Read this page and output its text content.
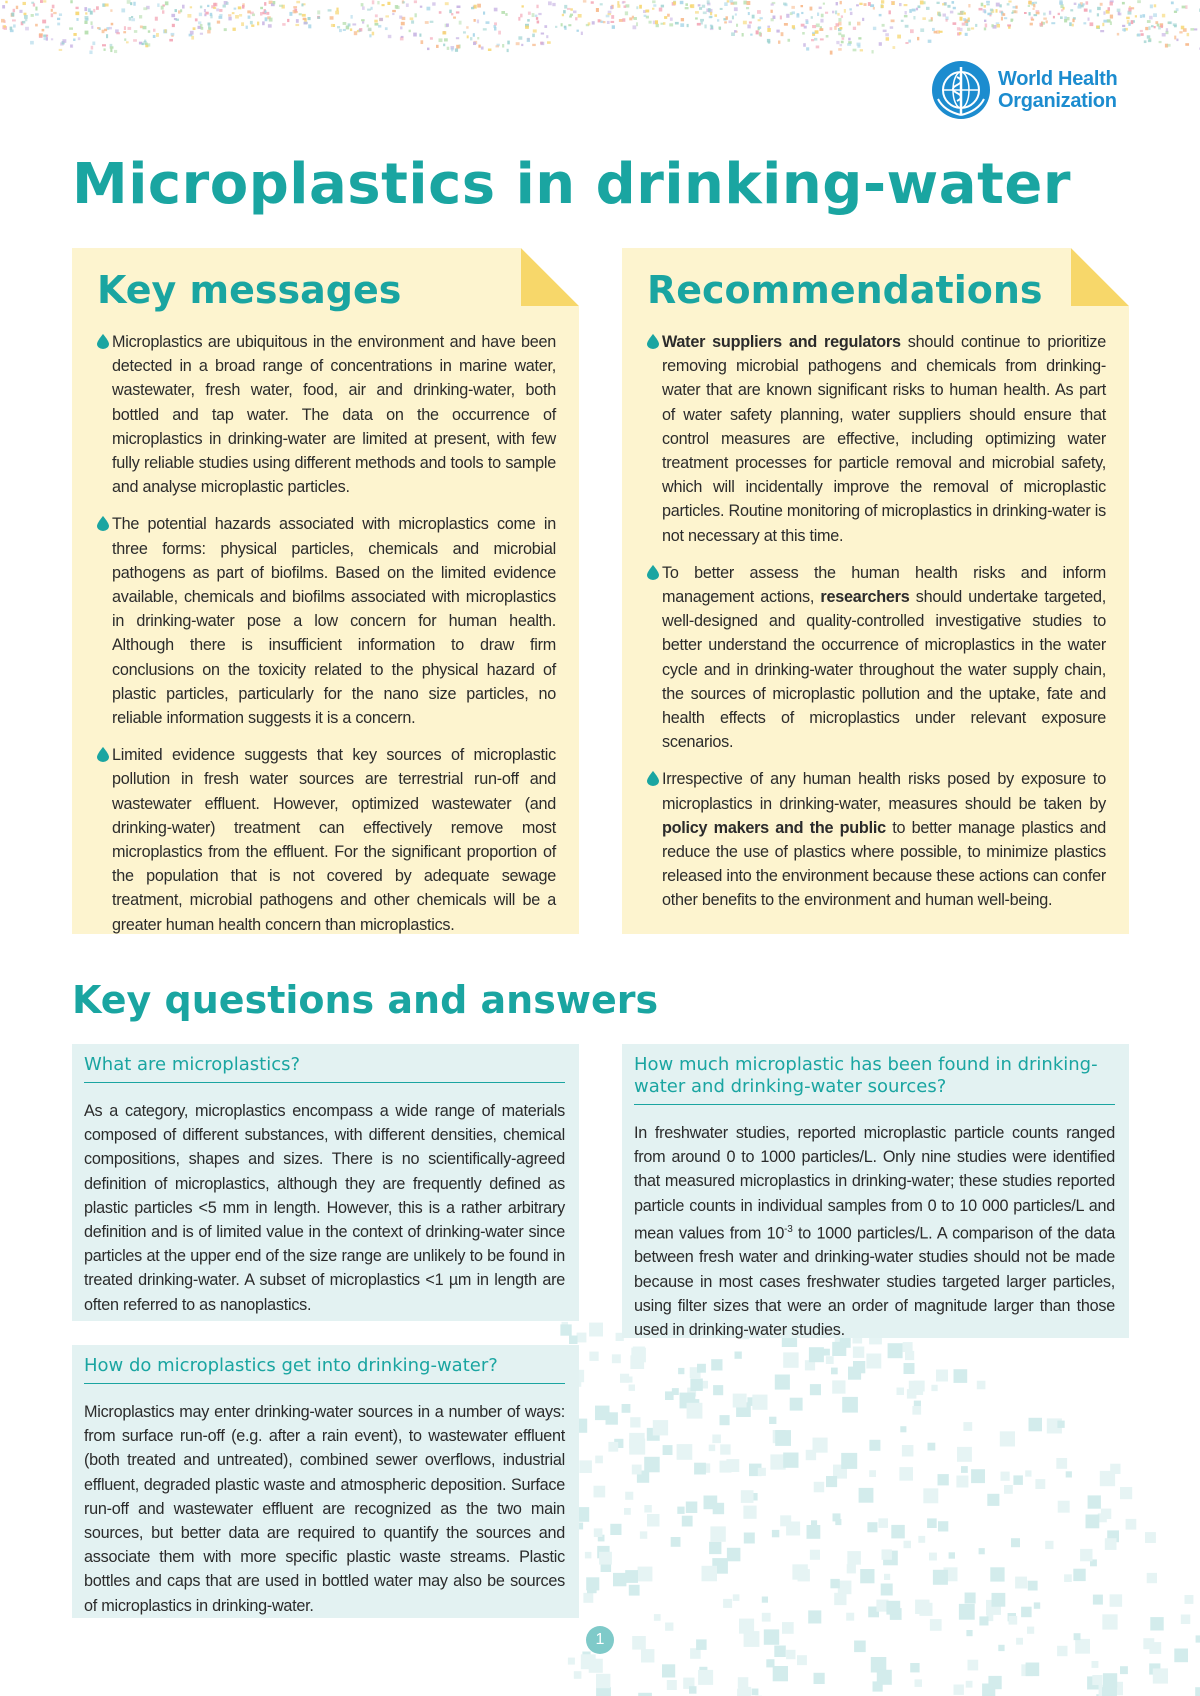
World Health
Organization
Microplastics in drinking-water
Key messages

Microplastics are ubiquitous in the environment and have been detected in a broad range of concentrations in marine water, wastewater, fresh water, food, air and drinking-water, both bottled and tap water. The data on the occurrence of microplastics in drinking-water are limited at present, with few fully reliable studies using different methods and tools to sample and analyse microplastic particles.

The potential hazards associated with microplastics come in three forms: physical particles, chemicals and microbial pathogens as part of biofilms. Based on the limited evidence available, chemicals and biofilms associated with microplastics in drinking-water pose a low concern for human health. Although there is insufficient information to draw firm conclusions on the toxicity related to the physical hazard of plastic particles, particularly for the nano size particles, no reliable information suggests it is a concern.

Limited evidence suggests that key sources of microplastic pollution in fresh water sources are terrestrial run-off and wastewater effluent. However, optimized wastewater (and drinking-water) treatment can effectively remove most microplastics from the effluent. For the significant proportion of the population that is not covered by adequate sewage treatment, microbial pathogens and other chemicals will be a greater human health concern than microplastics.

Recommendations

Water suppliers and regulators should continue to prioritize removing microbial pathogens and chemicals from drinking-water that are known significant risks to human health. As part of water safety planning, water suppliers should ensure that control measures are effective, including optimizing water treatment processes for particle removal and microbial safety, which will incidentally improve the removal of microplastic particles. Routine monitoring of microplastics in drinking-water is not necessary at this time.

To better assess the human health risks and inform management actions, researchers should undertake targeted, well-designed and quality-controlled investigative studies to better understand the occurrence of microplastics in the water cycle and in drinking-water throughout the water supply chain, the sources of microplastic pollution and the uptake, fate and health effects of microplastics under relevant exposure scenarios.

Irrespective of any human health risks posed by exposure to microplastics in drinking-water, measures should be taken by policy makers and the public to better manage plastics and reduce the use of plastics where possible, to minimize plastics released into the environment because these actions can confer other benefits to the environment and human well-being.

Key questions and answers
What are microplastics?

As a category, microplastics encompass a wide range of materials composed of different substances, with different densities, chemical compositions, shapes and sizes. There is no scientifically-agreed definition of microplastics, although they are frequently defined as plastic particles <5 mm in length. However, this is a rather arbitrary definition and is of limited value in the context of drinking-water since particles at the upper end of the size range are unlikely to be found in treated drinking-water. A subset of microplastics <1 µm in length are often referred to as nanoplastics.

How do microplastics get into drinking-water?

Microplastics may enter drinking-water sources in a number of ways: from surface run-off (e.g. after a rain event), to wastewater effluent (both treated and untreated), combined sewer overflows, industrial effluent, degraded plastic waste and atmospheric deposition. Surface run-off and wastewater effluent are recognized as the two main sources, but better data are required to quantify the sources and associate them with more specific plastic waste streams. Plastic bottles and caps that are used in bottled water may also be sources of microplastics in drinking-water.

How much microplastic has been found in drinking-water and drinking-water sources?

In freshwater studies, reported microplastic particle counts ranged from around 0 to 1000 particles/L. Only nine studies were identified that measured microplastics in drinking-water; these studies reported particle counts in individual samples from 0 to 10 000 particles/L and mean values from $10^{-3}$ to 1000 particles/L. A comparison of the data between fresh water and drinking-water studies should not be made because in most cases freshwater studies targeted larger particles, using filter sizes that were an order of magnitude larger than those used in drinking-water studies.

1
